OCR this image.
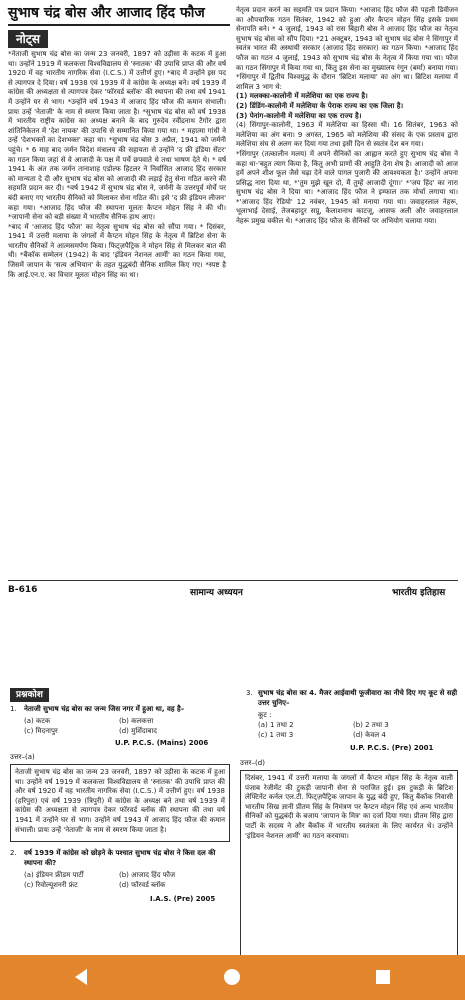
सुभाष चंद्र बोस और आजाद हिंद फौज
नोट्स

*नेताजी सुभाष चंद्र बोस का जन्म 23 जनवरी, 1897 को उड़ीसा के कटक में हुआ था। उन्होंने 1919 में कलकत्ता विश्वविद्यालय से 'स्नातक' की उपाधि प्राप्त की और वर्ष 1920 में वह भारतीय नागरिक सेवा (I.C.S.) में उत्तीर्ण हुए। *बाद में उन्होंने इस पद से त्यागपत्र दे दिया। वर्ष 1938 एवं 1939 में वे कांग्रेस के अध्यक्ष बने। वर्ष 1939 में कांग्रेस की अध्यक्षता से त्यागपत्र देकर 'फॉरवर्ड ब्लॉक' की स्थापना की तथा वर्ष 1941 में उन्होंने घर से भाग। *उन्होंने वर्ष 1943 में आजाद हिंद फौज की कमान संभाली। प्रायः उन्हें 'नेताजी' के नाम से स्मरण किया जाता है। *सुभाष चंद्र बोस को वर्ष 1938 में भारतीय राष्ट्रीय कांग्रेस का अध्यक्ष बनाने के बाद गुरुदेव रवींद्रनाथ टैगोर द्वारा शांतिनिकेतन में 'देश नायक' की उपाधि से सम्मानित किया गया था। * महात्मा गांधी ने उन्हें 'देशभक्तों का देशभक्त' कहा था। *सुभाष चंद्र बोस 3 अप्रैल, 1941 को जर्मनी पहुंचे। * 6 माह बाद जर्मन विदेश मंत्रालय की सहायता से उन्होंने 'द फ्री इंडिया सेंटर' का गठन किया जहां से वे आजादी के पक्ष में पर्चे छपवाते थे तथा भाषण देते थे। * वर्ष 1941 के अंत तक जर्मन तानाशाह एडोल्फ हिटलर ने निर्वासित आजाद हिंद सरकार को मान्यता दे दी और सुभाष चंद्र बोस को आजादी की लड़ाई हेतु सेना गठित करने की सहमति प्रदान कर दी। *वर्ष 1942 में सुभाष चंद्र बोस ने, जर्मनी के उत्तरपूर्व मोर्चे पर बंदी बनाए गए भारतीय सैनिकों को मिलाकर सेना गठित की। इसे 'द फ्री इंडियन लीजन' कहा गया। *आजाद हिंद फौज की स्थापना मूलतः कैप्टन मोहन सिंह ने की थी। *जापानी सेना को बड़ी संख्या में भारतीय सैनिक हाथ आए।

*बाद में 'आजाद हिंद फौज' का नेतृत्व सुभाष चंद्र बोस को सौंपा गया। * दिसंबर, 1941 में उत्तरी मलाया के जंगलों में कैप्टन मोहन सिंह के नेतृत्व में ब्रिटिश सेना के भारतीय सैनिकों ने आत्मसमर्पण किया। फिट्ज़पैट्रिक ने मोहन सिंह से मिलकर बात की थी। *बैंकॉक सम्मेलन (1942) के बाद 'इंडियन नेशनल आर्मी' का गठन किया गया, जिसमें जापान के 'सत्य अभियान' के तहत युद्धबंदी सैनिक शामिल किए गए। *स्पष्ट है कि आई.एन.ए. का विचार मूलतः मोहन सिंह का था।

नेतृत्व प्रदान करने का सहमति पत्र प्रदान किया। *आजाद हिंद फौज की पहली डिवीजन का औपचारिक गठन सितंबर, 1942 को हुआ और कैप्टन मोहन सिंह इसके प्रथम सेनापति बने। * 4 जुलाई, 1943 को रास बिहारी बोस ने आजाद हिंद फौज का नेतृत्व सुभाष चंद्र बोस को सौंप दिया। *21 अक्टूबर, 1943 को सुभाष चंद्र बोस ने सिंगापुर में स्वतंत्र भारत की अस्थायी सरकार (आजाद हिंद सरकार) का गठन किया। *आजाद हिंद फौज का गठन 4 जुलाई, 1943 को सुभाष चंद्र बोस के नेतृत्व में किया गया था। फौज का गठन सिंगापुर में किया गया था, किंतु इस सेना का मुख्यालय रंगून (बर्मा) बनाया गया। *सिंगापुर में द्वितीय विश्वयुद्ध के दौरान 'ब्रिटिश मलाया' का अंग था। ब्रिटिश मलाया में शामिल 3 भाग थे:

(1) मलक्का-कालोनी में मलेशिया का एक राज्य है।

(2) डिंडिंग-कालोनी में मलेशिया के पेराक राज्य का एक जिला है।

(3) पेनांग-कालोनी में मलेशिया का एक राज्य है।

(4) सिंगापुर-कालोनी, 1963 में मलेशिया का हिस्सा थी। 16 सितंबर, 1963 को मलेशिया का अंग बना। 9 अगस्त, 1965 को मलेशिया की संसद के एक प्रस्ताव द्वारा मलेशिया संघ से अलग कर दिया गया तथा इसी दिन से स्वतंत्र देश बन गया।

*सिंगापुर (तत्कालीन मलय) में अपने सैनिकों का आह्वान करते हुए सुभाष चंद्र बोस ने कहा था-'बहुत त्याग किया है, किंतु अभी प्राणों की आहुति देना शेष है। आजादी को आज हमें अपने शीश फूल जैसे चढ़ा देने वाले पागल पुजारी की आवश्यकता है।' उन्होंने अपना प्रसिद्ध नारा दिया था, *'तुम मुझे खून दो, मैं तुम्हें आजादी दूंगा।' *'जय हिंद' का नारा सुभाष चंद्र बोस ने दिया था। *आजाद हिंद फौज ने इम्फाल तक मोर्चा लगाया था। *'आजाद हिंद रेडियो' 12 नवंबर, 1945 को मनाया गया था। जवाहरलाल नेहरू, भूलाभाई देसाई, तेजबहादुर सप्रू, कैलाशनाथ काटजू, आसफ अली और जवाहरलाल नेहरू प्रमुख वकील थे। *आजाद हिंद फौज के सैनिकों पर अभियोग चलाया गया।

B-616	सामान्य अध्ययन	भारतीय इतिहास
प्रश्नकोश
1.	नेताजी सुभाष चंद्र बोस का जन्म जिस नगर में हुआ था, वह है–
(a) कटक	(b) कलकत्ता (c) मिदनापुर	(d) मुर्शिदाबाद
U.P. P.C.S. (Mains) 2006
उत्तर–(a)
नेताजी सुभाष चंद्र बोस का जन्म 23 जनवरी, 1897 को उड़ीसा के कटक में हुआ था। उन्होंने वर्ष 1919 में कलकत्ता विश्वविद्यालय से 'स्नातक' की उपाधि प्राप्त की और वर्ष 1920 में वह भारतीय नागरिक सेवा (I.C.S.) में उत्तीर्ण हुए। वर्ष 1938 (हरिपुरा) एवं वर्ष 1939 (त्रिपुरी) में कांग्रेस के अध्यक्ष बने तथा वर्ष 1939 में कांग्रेस की अध्यक्षता से त्यागपत्र देकर फॉरवर्ड ब्लॉक की स्थापना की तथा वर्ष 1941 में उन्होंने घर से भाग। उन्होंने वर्ष 1943 में आजाद हिंद फौज की कमान संभाली। प्रायः उन्हें 'नेताजी' के नाम से स्मरण किया जाता है।
2.	वर्ष 1939 में कांग्रेस को छोड़ने के पश्चात सुभाष चंद्र बोस ने किस दल की स्थापना की?
(a) इंडियन फ्रीडम पार्टी	(b) आजाद हिंद फौज (c) रिवोल्यूशनरी फ्रंट	(d) फॉरवर्ड ब्लॉक
I.A.S. (Pre) 2005
3. सुभाष चंद्र बोस का 4. मैजर आईवाथी फूजीवारा का नीचे दिए गए कूट से सही उत्तर चुनिए–
कूट :
(a) 1 तथा 2	(b) 2 तथा 3 (c) 1 तथा 3	(d) केवल 4
U.P. P.C.S. (Pre) 2001
उत्तर–(d)
दिसंबर, 1941 में उत्तरी मलाया के जंगलों में कैप्टन मोहन सिंह के नेतृत्व वाली पंजाब रेजीमेंट की टुकड़ी जापानी सेना से पराजित हुई। इस टुकड़ी के ब्रिटिश लेफ्टिनेंट कर्नल एल.टी. फिट्ज़पैट्रिक जापान के युद्ध बंदी हुए, किंतु बैंकॉक निवासी भारतीय सिख ज्ञानी प्रीतम सिंह के निमंत्रण पर कैप्टन मोहन सिंह एवं अन्य भारतीय सैनिकों को युद्धबंदी के बजाय 'जापान के मित्र' का दर्जा दिया गया। प्रीतम सिंह द्वारा पार्टी के सदस्य ने और बैंकॉक में भारतीय स्वतंत्रता के लिए कार्यरत थे। उन्होंने 'इंडियन नेशनल आर्मी' का गठन करवाया।
